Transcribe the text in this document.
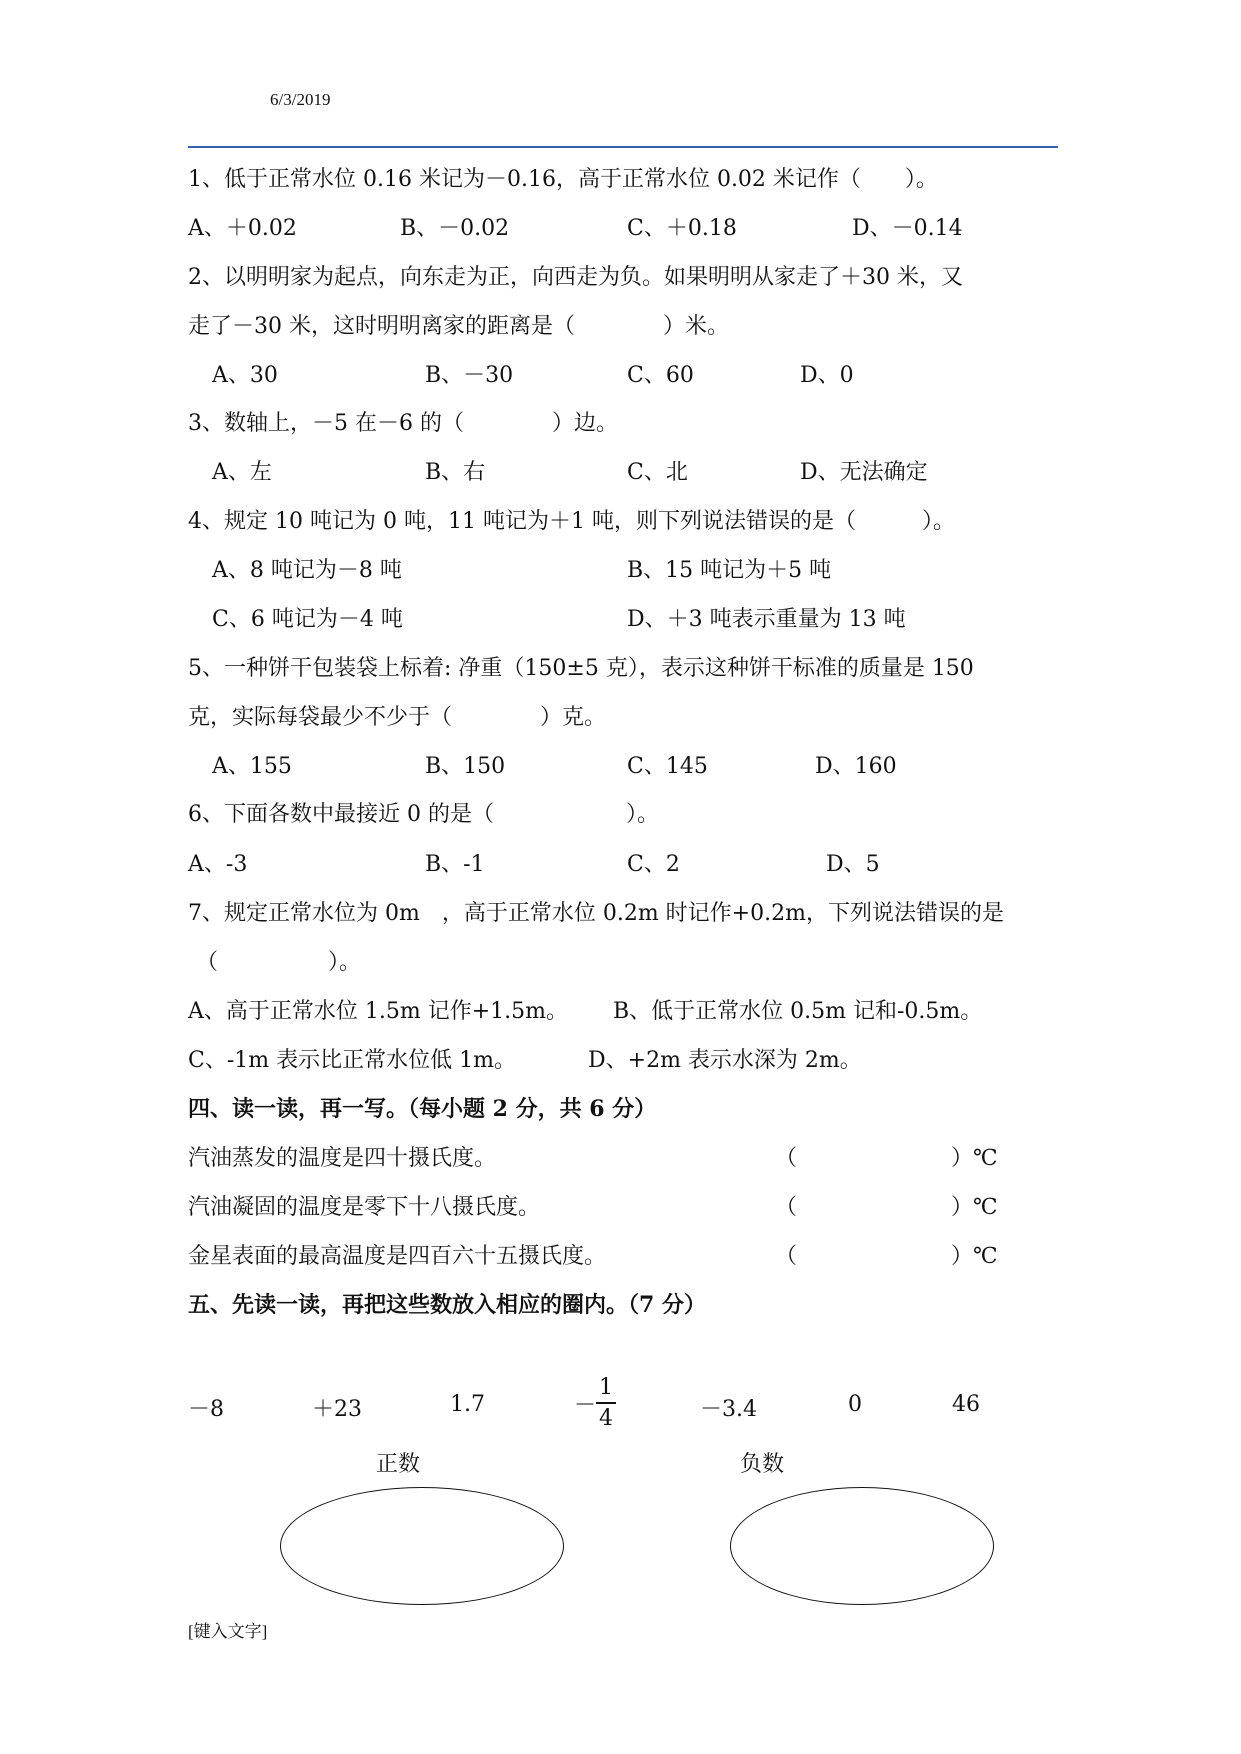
6/3/2019
1、低于正常水位 0.16 米记为－0.16，高于正常水位 0.02 米记作（　　）。
A、＋0.02	B、－0.02	C、＋0.18	D、－0.14
2、以明明家为起点，向东走为正，向西走为负。如果明明从家走了＋30 米，又
走了－30 米，这时明明离家的距离是（　　　　）米。
A、30	B、－30	C、60	D、0
3、数轴上，－5 在－6 的（　　　　）边。
A、左	B、右	C、北	D、无法确定
4、规定 10 吨记为 0 吨，11 吨记为＋1 吨，则下列说法错误的是（　　　）。
A、8 吨记为－8 吨	B、15 吨记为＋5 吨
C、6 吨记为－4 吨	D、＋3 吨表示重量为 13 吨
5、一种饼干包装袋上标着: 净重（150±5 克），表示这种饼干标准的质量是 150
克，实际每袋最少不少于（　　　　）克。
A、155	B、150	C、145	D、160
6、下面各数中最接近 0 的是（　　　　　　）。
A、-3	B、-1	C、2	D、5
7、规定正常水位为 0m　，高于正常水位 0.2m 时记作+0.2m，下列说法错误的是
（　　　　　）。
A、高于正常水位 1.5m 记作+1.5m。 B、低于正常水位 0.5m 记和-0.5m。
C、-1m 表示比正常水位低 1m。	D、+2m 表示水深为 2m。
四、读一读，再一写。（每小题 2 分，共 6 分）
汽油蒸发的温度是四十摄氏度。	（　　　　　　　）℃
汽油凝固的温度是零下十八摄氏度。	（　　　　　　　）℃
金星表面的最高温度是四百六十五摄氏度。	（　　　　　　　）℃
五、先读一读，再把这些数放入相应的圈内。（7 分）
－8	＋23	1.7	－ $\frac{1}{4}$	－3.4	0	46
正数	负数
[键入文字]
